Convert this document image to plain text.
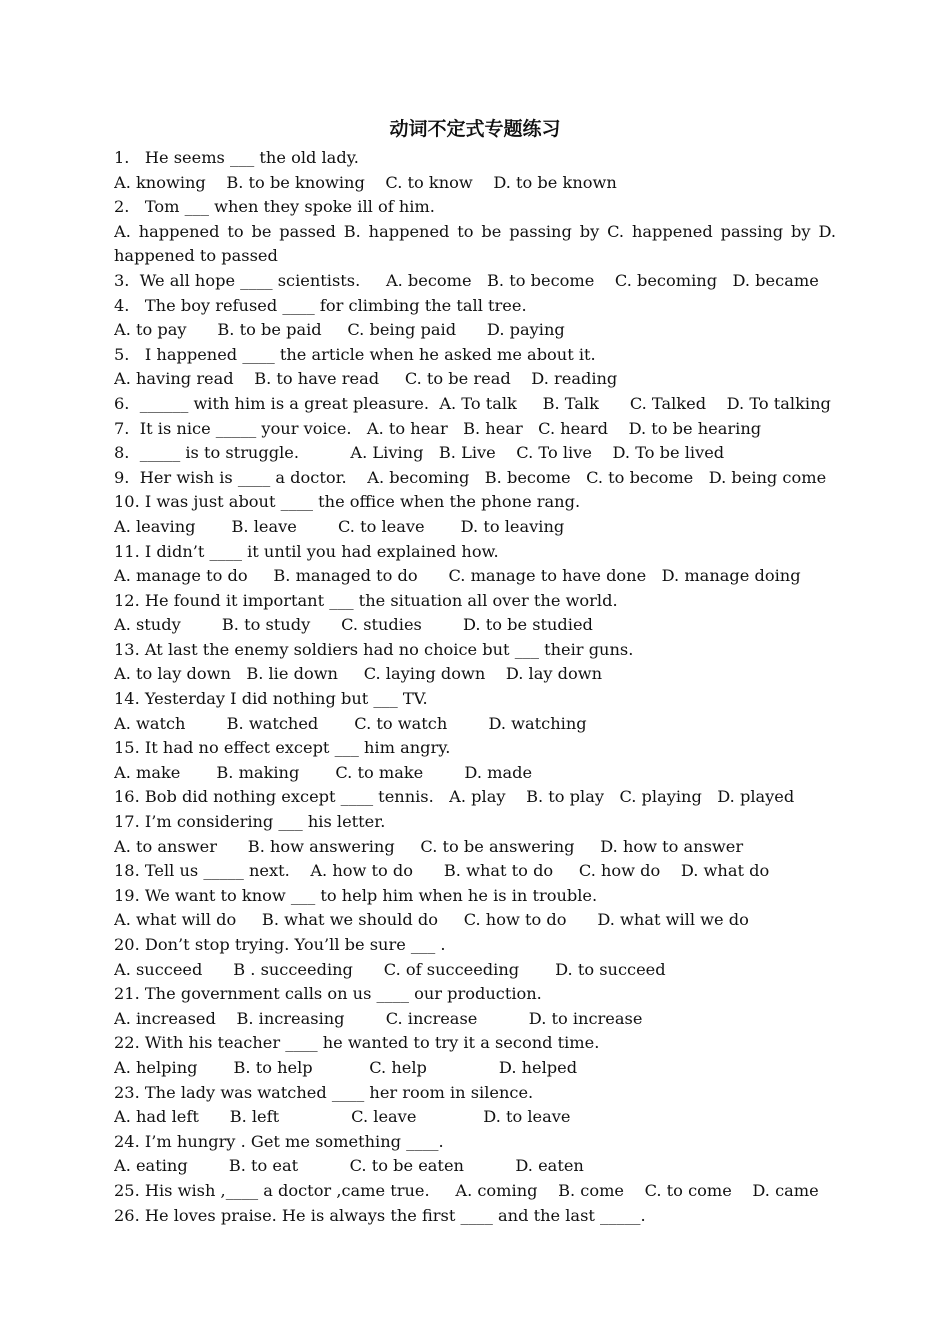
动词不定式专题练习

1.   He seems ___ the old lady.

A. knowing    B. to be knowing    C. to know    D. to be known

2.   Tom ___ when they spoke ill of him.

A. happened to be passed B. happened to be passing by C. happened passing by D.

happened to passed

3.  We all hope ____ scientists.     A. become   B. to become    C. becoming   D. became

4.   The boy refused ____ for climbing the tall tree.

A. to pay      B. to be paid     C. being paid      D. paying

5.   I happened ____ the article when he asked me about it.

A. having read    B. to have read     C. to be read    D. reading

6.  ______ with him is a great pleasure.  A. To talk     B. Talk      C. Talked    D. To talking

7.  It is nice _____ your voice.   A. to hear   B. hear   C. heard    D. to be hearing

8.  _____ is to struggle.          A. Living   B. Live    C. To live    D. To be lived

9.  Her wish is ____ a doctor.    A. becoming   B. become   C. to become   D. being come

10. I was just about ____ the office when the phone rang.

A. leaving       B. leave        C. to leave       D. to leaving

11. I didn’t ____ it until you had explained how.

A. manage to do     B. managed to do      C. manage to have done   D. manage doing

12. He found it important ___ the situation all over the world.

A. study        B. to study      C. studies        D. to be studied

13. At last the enemy soldiers had no choice but ___ their guns.

A. to lay down   B. lie down     C. laying down    D. lay down

14. Yesterday I did nothing but ___ TV.

A. watch        B. watched       C. to watch        D. watching

15. It had no effect except ___ him angry.

A. make       B. making       C. to make        D. made

16. Bob did nothing except ____ tennis.   A. play    B. to play   C. playing   D. played

17. I’m considering ___ his letter.

A. to answer      B. how answering     C. to be answering     D. how to answer

18. Tell us _____ next.    A. how to do      B. what to do     C. how do    D. what do

19. We want to know ___ to help him when he is in trouble.

A. what will do     B. what we should do     C. how to do      D. what will we do

20. Don’t stop trying. You’ll be sure ___ .

A. succeed      B . succeeding      C. of succeeding       D. to succeed

21. The government calls on us ____ our production.

A. increased    B. increasing        C. increase          D. to increase

22. With his teacher ____ he wanted to try it a second time.

A. helping       B. to help           C. help              D. helped

23. The lady was watched ____ her room in silence.

A. had left      B. left              C. leave             D. to leave

24. I’m hungry . Get me something ____.

A. eating        B. to eat          C. to be eaten          D. eaten

25. His wish ,____ a doctor ,came true.     A. coming    B. come    C. to come    D. came

26. He loves praise. He is always the first ____ and the last _____.
